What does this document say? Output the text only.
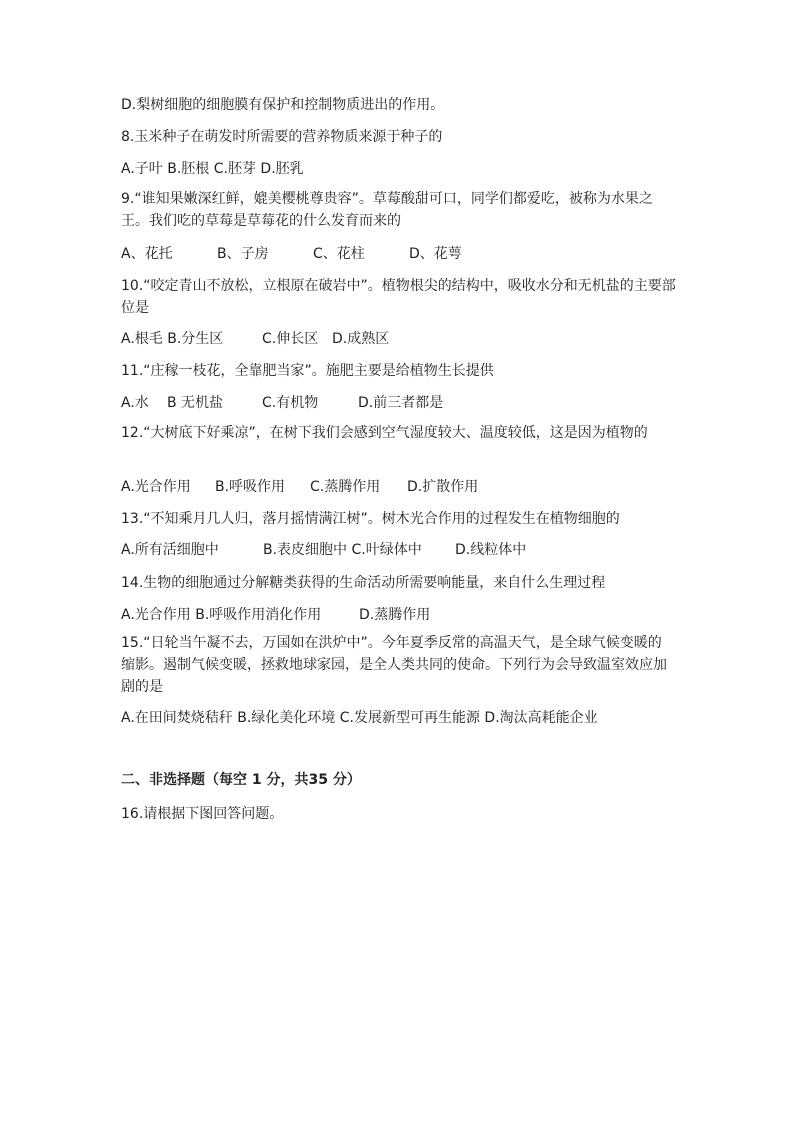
D.梨树细胞的细胞膜有保护和控制物质进出的作用。
8.玉米种子在萌发时所需要的营养物质来源于种子的
A.子叶 B.胚根 C.胚芽 D.胚乳
9.“谁知果嫩深红鲜，媲美樱桃尊贵容”。草莓酸甜可口，同学们都爱吃，被称为水果之王。我们吃的草莓是草莓花的什么发育而来的
A、花托	B、子房	C、花柱	D、花萼
10.“咬定青山不放松，立根原在破岩中”。植物根尖的结构中，吸收水分和无机盐的主要部位是
A.根毛 B.分生区	C.伸长区 D.成熟区
11.“庄稼一枝花，全靠肥当家”。施肥主要是给植物生长提供
A.水 B 无机盐	C.有机物	D.前三者都是
12.“大树底下好乘凉”，在树下我们会感到空气湿度较大、温度较低，这是因为植物的
A.光合作用 B.呼吸作用 C.蒸腾作用 D.扩散作用
13.“不知乘月几人归，落月摇情满江树”。树木光合作用的过程发生在植物细胞的
A.所有活细胞中	B.表皮细胞中 C.叶绿体中 D.线粒体中
14.生物的细胞通过分解糖类获得的生命活动所需要响能量，来自什么生理过程
A.光合作用 B.呼吸作用消化作用	D.蒸腾作用
15.“日轮当午凝不去，万国如在洪炉中”。今年夏季反常的高温天气，是全球气候变暖的缩影。遏制气候变暖，拯救地球家园，是全人类共同的使命。下列行为会导致温室效应加剧的是
A.在田间焚烧秸秆 B.绿化美化环境 C.发展新型可再生能源 D.淘汰高耗能企业
二、非选择题（每空 1 分，共35 分）
16.请根据下图回答问题。
